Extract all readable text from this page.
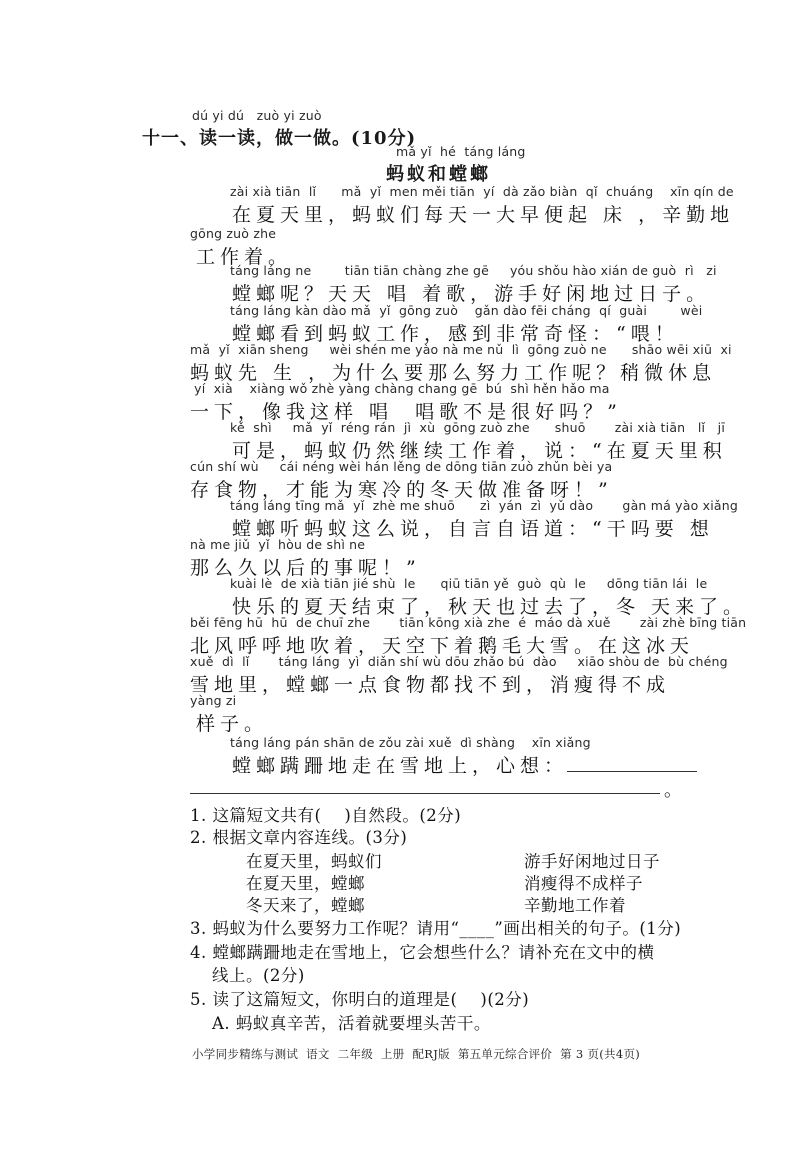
dú yi dú   zuò yi zuò
十一、读一读，做一做。(10分)
mǎ yǐ  hé  táng láng
蚂蚁和螳螂
zài xià tiān  lǐ      mǎ  yǐ  men měi tiān  yí  dà zǎo biàn  qǐ  chuáng    xīn qín de
在夏天里，蚂蚁们每天一大早便起 床 ，辛勤地
gōng zuò zhe
工作着。
táng láng ne        tiān tiān chàng zhe gē     yóu shǒu hào xián de guò  rì   zi
螳螂呢？天天 唱 着歌，游手好闲地过日子。
táng láng kàn dào mǎ  yǐ  gōng zuò    gǎn dào fēi cháng  qí  guài        wèi
螳螂看到蚂蚁工作，感到非常奇怪：“喂！
mǎ  yǐ  xiān sheng     wèi shén me yào nà me nǔ  lì  gōng zuò ne      shāo wēi xiū  xi
蚂蚁先 生 ，为什么要那么努力工作呢？稍微休息
yí  xià    xiàng wǒ zhè yàng chàng chang gē  bú  shì hěn hǎo ma
一下，像我这样 唱  唱歌不是很好吗？”
kě  shì     mǎ  yǐ  réng rán  jì  xù  gōng zuò zhe      shuō       zài xià tiān   lǐ   jī
可是，蚂蚁仍然继续工作着，说：“在夏天里积
cún shí wù     cái néng wèi hán lěng de dōng tiān zuò zhǔn bèi ya
存食物，才能为寒冷的冬天做准备呀！”
táng láng tīng mǎ  yǐ  zhè me shuō      zì  yán  zì  yǔ dào       gàn má yào xiǎng
螳螂听蚂蚁这么说，自言自语道：“干吗要 想
nà me jiǔ  yǐ  hòu de shì ne
那么久以后的事呢！”
kuài lè  de xià tiān jié shù  le      qiū tiān yě  guò  qù  le     dōng tiān lái  le
快乐的夏天结束了，秋天也过去了，冬 天来了。
běi fēng hū  hū  de chuī zhe       tiān kōng xià zhe  é  máo dà xuě       zài zhè bīng tiān
北风呼呼地吹着，天空下着鹅毛大雪。在这冰天
xuě  dì  lǐ       táng láng  yì  diǎn shí wù dōu zhǎo bú  dào     xiāo shòu de  bù chéng
雪地里，螳螂一点食物都找不到，消瘦得不成
yàng zi
样子。
táng láng pán shān de zǒu zài xuě  dì shàng    xīn xiǎng
螳螂蹒跚地走在雪地上，心想：
。
1. 这篇短文共有(    )自然段。(2分)
2. 根据文章内容连线。(3分)
在夏天里，蚂蚁们
在夏天里，螳螂
冬天来了，螳螂
游手好闲地过日子
消瘦得不成样子
辛勤地工作着
3. 蚂蚁为什么要努力工作呢？请用“____”画出相关的句子。(1分)
4. 螳螂蹒跚地走在雪地上，它会想些什么？请补充在文中的横
线上。(2分)
5. 读了这篇短文，你明白的道理是(    )(2分)
A. 蚂蚁真辛苦，活着就要埋头苦干。
小学同步精练与测试  语文  二年级  上册  配RJ版  第五单元综合评价  第 3 页(共4页)
